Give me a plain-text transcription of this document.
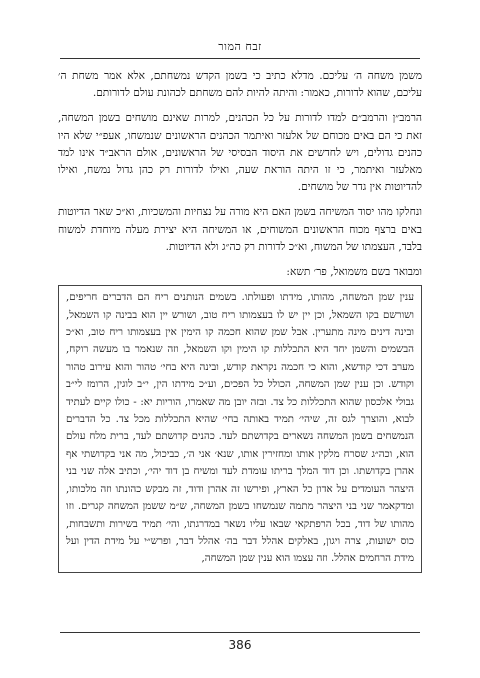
זבח המור

משמן משחה ה׳ עליכם. מדלא כתיב כי בשמן הקדש נמשחתם, אלא אמר משחת ה׳ עליכם, שהוא לדורות, כאמור: והיתה להיות להם משחתם לכהונת עולם לדורותם.

הרמב״ן והרמב״ם למדו לדורות על כל הכהנים, למרות שאינם מושחים בשמן המשחה, זאת כי הם באים מכוחם של אלעזר ואיתמר הכהנים הראשונים שנמשחו, אעפ״י שלא היו כהנים גדולים, ויש לחדשים את היסוד הבסיסי של הראשונים, אולם הראב״ד אינו למד מאלעזר ואיתמר, כי זו היתה הוראת שעה, ואילו לדורות רק כהן גדול נמשח, ואילו להדיוטות אין גדר של מושחים.

ונחלקו מהו יסוד המשיחה בשמן האם היא מורה על נצחיות והמשכיות, וא״כ שאר הדיוטות באים ברצף מכוח הראשונים המשוחים, או המשיחה היא יצירת מעלה מיוחדת למשוח בלבד, העצמתו של המשוח, וא״כ לדורות רק כה״ג ולא הדיוטות.

ומבואר בשם משמואל, פר׳ תשא:

ענין שמן המשחה, מהותו, מידתו ופעולתו. בשמים הנותנים ריח הם הדברים חריפים, ושורשם בקו השמאל, וכן יין יש לו בעצמותו ריח טוב, ושורש יין הוא בבינה קו השמאל, ובינה דינים מינה מתערין. אבל שמן שהוא חכמה קו הימין אין בעצמותו ריח טוב, וא״כ הבשמים והשמן יחד היא התכללות קו הימין וקו השמאל, וזה שנאמר בו מעשה רוקח, מערב דכי קודשא, והוא כי חכמה נקראת קודש, ובינה היא בחי׳ טהור והוא עירוב טהור וקודש. וכן ענין שמן המשחה, הכולל כל הפכים, וע״כ מידתו הין, י״ב לוגין, הרומז לי״ב גבולי אלכסון שהוא התכללות כל צד. ובזה יובן מה שאמרו, הוריות יא: - כולו קיים לעתיד לבוא, והוצרך לגס זה, שיהי׳ תמיד באותה בחי׳ שהיא התכללות מכל צד. כל הדברים הנמשחים בשמן המשחה נשארים בקדושתם לעד. כהנים קדושתם לעד, ברית מלח עולם הוא, וכה״ג שסרח מלקין אותו ומחזירין אותו, שנא׳ אני ה׳, כביכול, מה אני בקדושתי אף אהרן בקדושתו. וכן דוד המלך בריתו עומדת לעד ומשיח בן דוד יהי׳, וכתיב אלה שני בני היצהר העומדים על אדון כל הארץ, ופירשו זה אהרן ודוד, זה מבקש כהונתו וזה מלכותו, ומדקאמר שני בני היצהר מתמה שנמשחו בשמן המשחה, ש״מ ששמן המשחה קגרים. וזו מהותו של דוד, בכל הרפתקאי שבאו עליו נשאר במדרגתו, והי׳ תמיד בשירות ותשבחות, כוס ישועות, צרה ויגון, באלקים אהלל דבר בה׳ אהלל דבר, ופרש״י על מידת הדין ועל מידת הרחמים אהלל. וזה עצמו הוא ענין שמן המשחה,
386
